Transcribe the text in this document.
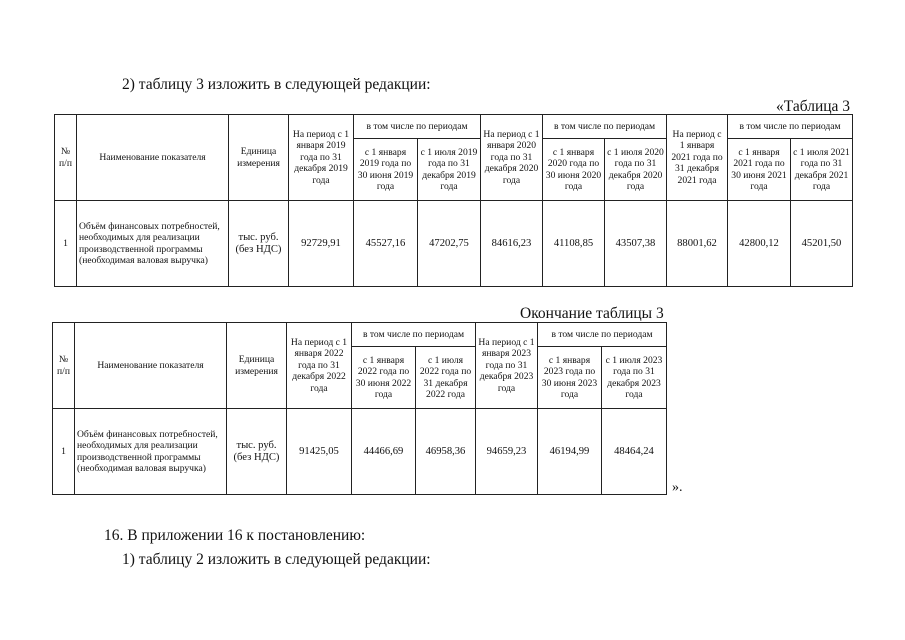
2) таблицу 3 изложить в следующей редакции:
«Таблица 3
№ п/п	Наименование показателя	Единица измерения	На период с 1 января 2019 года по 31 декабря 2019 года	в том числе по периодам		На период с 1 января 2020 года по 31 декабря 2020 года	в том числе по периодам		На период с 1 января 2021 года по 31 декабря 2021 года	в том числе по периодам	
				с 1 января 2019 года по 30 июня 2019 года	с 1 июля 2019 года по 31 декабря 2019 года		с 1 января 2020 года по 30 июня 2020 года	с 1 июля 2020 года по 31 декабря 2020 года		с 1 января 2021 года по 30 июня 2021 года	с 1 июля 2021 года по 31 декабря 2021 года
1	Объём финансовых потребностей, необходимых для реализации производственной программы (необходимая валовая выручка)	тыс. руб. (без НДС)	92729,91	45527,16	47202,75	84616,23	41108,85	43507,38	88001,62	42800,12	45201,50
Окончание таблицы 3
№ п/п	Наименование показателя	Единица измерения	На период с 1 января 2022 года по 31 декабря 2022 года	в том числе по периодам		На период с 1 января 2023 года по 31 декабря 2023 года	в том числе по периодам	
				с 1 января 2022 года по 30 июня 2022 года	с 1 июля 2022 года по 31 декабря 2022 года		с 1 января 2023 года по 30 июня 2023 года	с 1 июля 2023 года по 31 декабря 2023 года
1	Объём финансовых потребностей, необходимых для реализации производственной программы (необходимая валовая выручка)	тыс. руб. (без НДС)	91425,05	44466,69	46958,36	94659,23	46194,99	48464,24
».
16. В приложении 16 к постановлению:
1) таблицу 2 изложить в следующей редакции:
